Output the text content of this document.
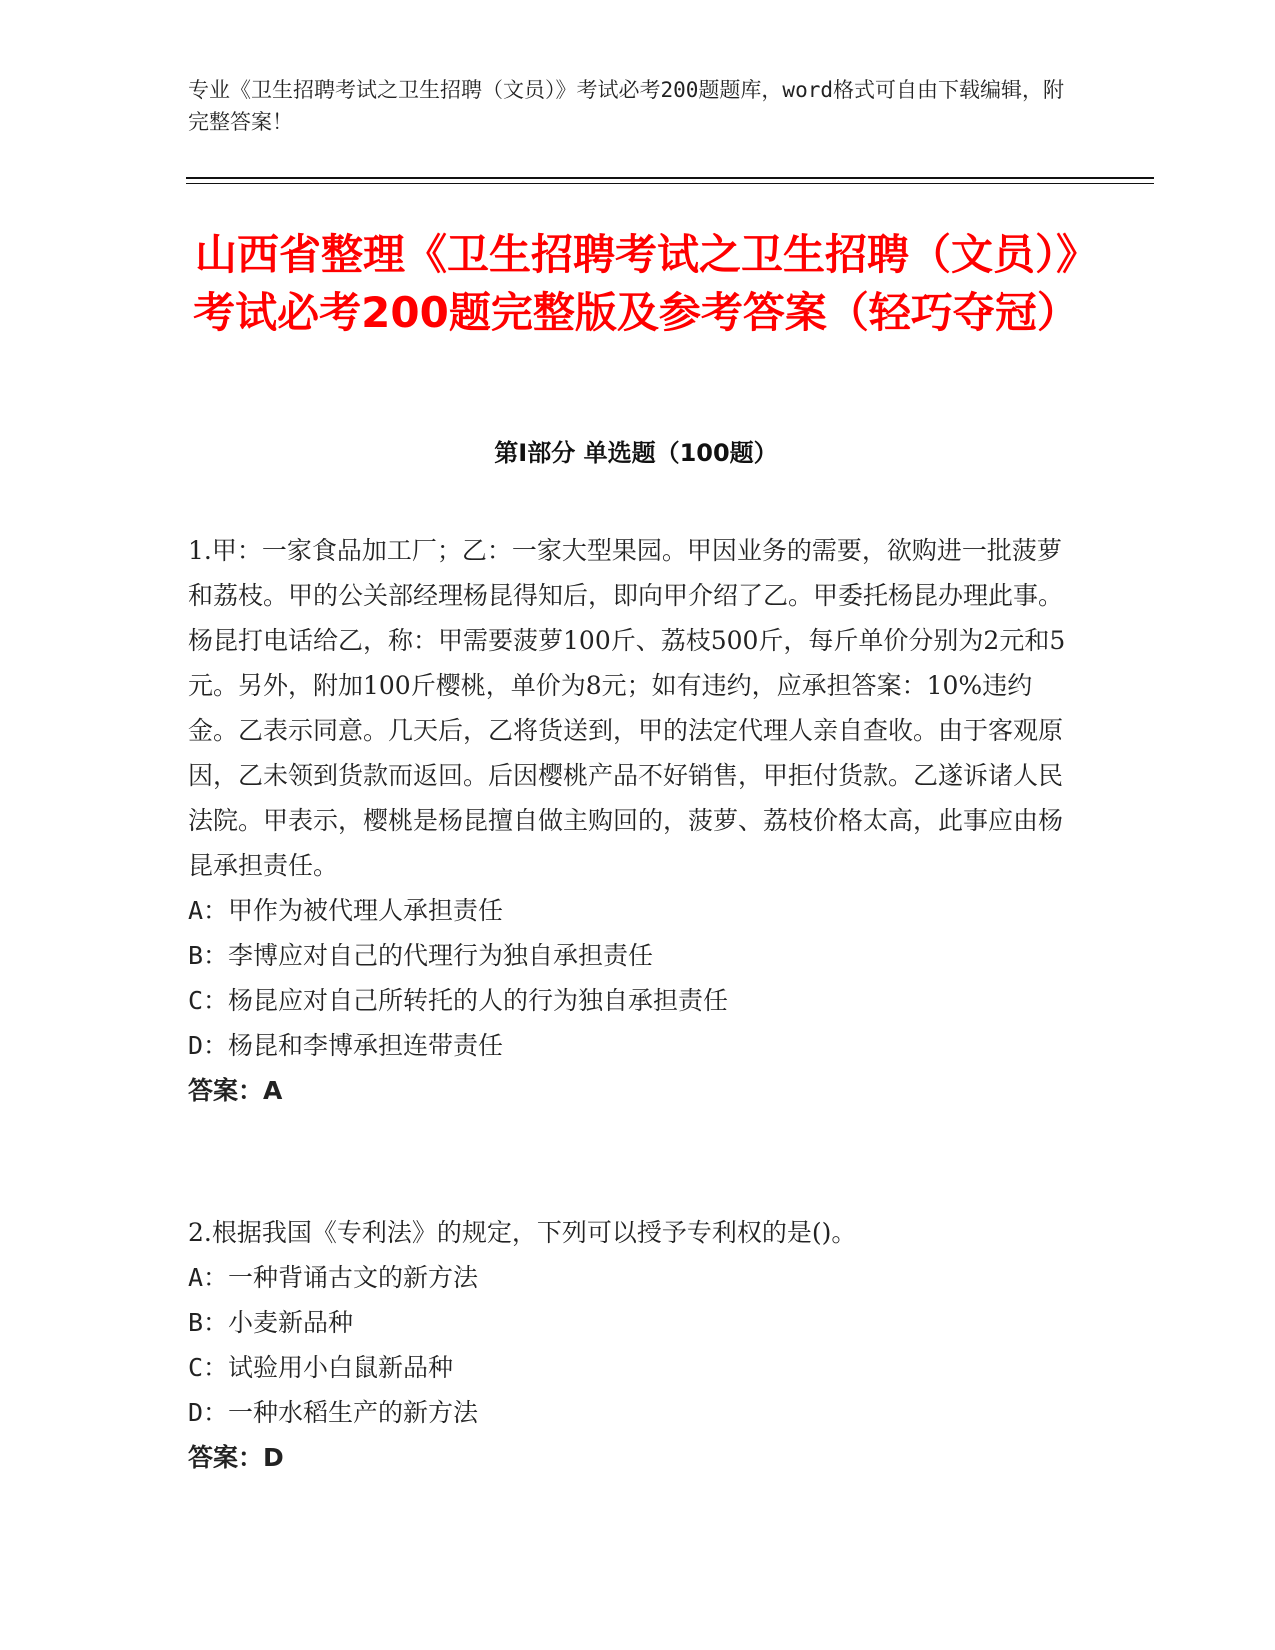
专业《卫生招聘考试之卫生招聘（文员）》考试必考200题题库，word格式可自由下载编辑，附完整答案！
山西省整理《卫生招聘考试之卫生招聘（文员）》考试必考200题完整版及参考答案（轻巧夺冠）
第Ⅰ部分 单选题（100题）

1.甲：一家食品加工厂；乙：一家大型果园。甲因业务的需要，欲购进一批菠萝和荔枝。甲的公关部经理杨昆得知后，即向甲介绍了乙。甲委托杨昆办理此事。杨昆打电话给乙，称：甲需要菠萝100斤、荔枝500斤，每斤单价分别为2元和5元。另外，附加100斤樱桃，单价为8元；如有违约，应承担答案：10%违约金。乙表示同意。几天后，乙将货送到，甲的法定代理人亲自查收。由于客观原因，乙未领到货款而返回。后因樱桃产品不好销售，甲拒付货款。乙遂诉诸人民法院。甲表示，樱桃是杨昆擅自做主购回的，菠萝、荔枝价格太高，此事应由杨昆承担责任。

A：甲作为被代理人承担责任

B：李博应对自己的代理行为独自承担责任

C：杨昆应对自己所转托的人的行为独自承担责任

D：杨昆和李博承担连带责任

答案：A

2.根据我国《专利法》的规定，下列可以授予专利权的是()。

A：一种背诵古文的新方法

B：小麦新品种

C：试验用小白鼠新品种

D：一种水稻生产的新方法

答案：D
